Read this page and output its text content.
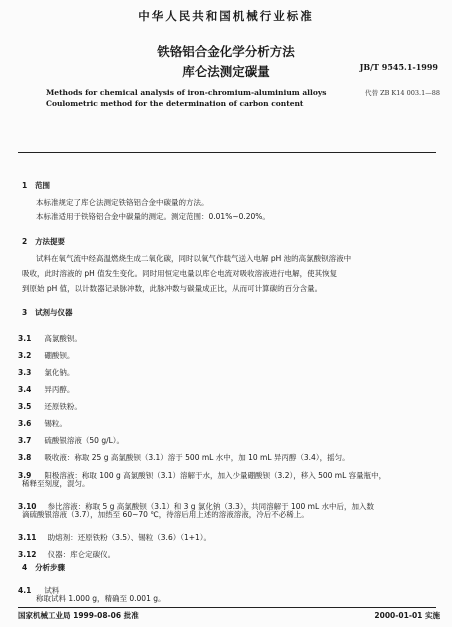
中华人民共和国机械行业标准
铁铬铝合金化学分析方法
库仑法测定碳量	JB/T 9545.1-1999
Methods for chemical analysis of iron-chromium-aluminium alloys
Coulometric method for the determination of carbon content
代替 ZB K14 003.1—88
1 范围
本标准规定了库仑法测定铁铬铝合金中碳量的方法。
本标准适用于铁铬铝合金中碳量的测定。测定范围：0.01%~0.20%。
2 方法提要
试料在氧气流中经高温燃烧生成二氧化碳，同时以氧气作载气送入电解 pH 池的高氯酸钡溶液中
吸收，此时溶液的 pH 值发生变化。同时用恒定电量以库仑电流对吸收溶液进行电解，使其恢复
到原始 pH 值，以计数器记录脉冲数，此脉冲数与碳量成正比，从而可计算碳的百分含量。
3 试剂与仪器
3.1 高氯酸钡。
3.2 硼酸钡。
3.3 氯化钠。
3.4 异丙醇。
3.5 还原铁粉。
3.6 锡粒。
3.7 硫酸银溶液（50 g/L）。
3.8 吸收液：称取 25 g 高氯酸钡（3.1）溶于 500 mL 水中，加 10 mL 异丙醇（3.4），摇匀。
3.9 阳极溶液：称取 100 g 高氯酸钡（3.1）溶解于水，加入少量硼酸钡（3.2），移入 500 mL 容量瓶中，
稀释至刻度，混匀。
3.10 参比溶液：称取 5 g 高氯酸钡（3.1）和 3 g 氯化钠（3.3），共同溶解于 100 mL 水中后，加入数
滴硫酸银溶液（3.7），加热至 60~70 ℃，待溶后用上述的溶液溶液，冷后不必稀上。
3.11 助熔剂：还原铁粉（3.5）、锡粒（3.6）（1+1）。
3.12 仪器：库仑定碳仪。
4 分析步骤
4.1 试料
称取试料 1.000 g，精确至 0.001 g。
国家机械工业局 1999-08-06 批准	2000-01-01 实施
